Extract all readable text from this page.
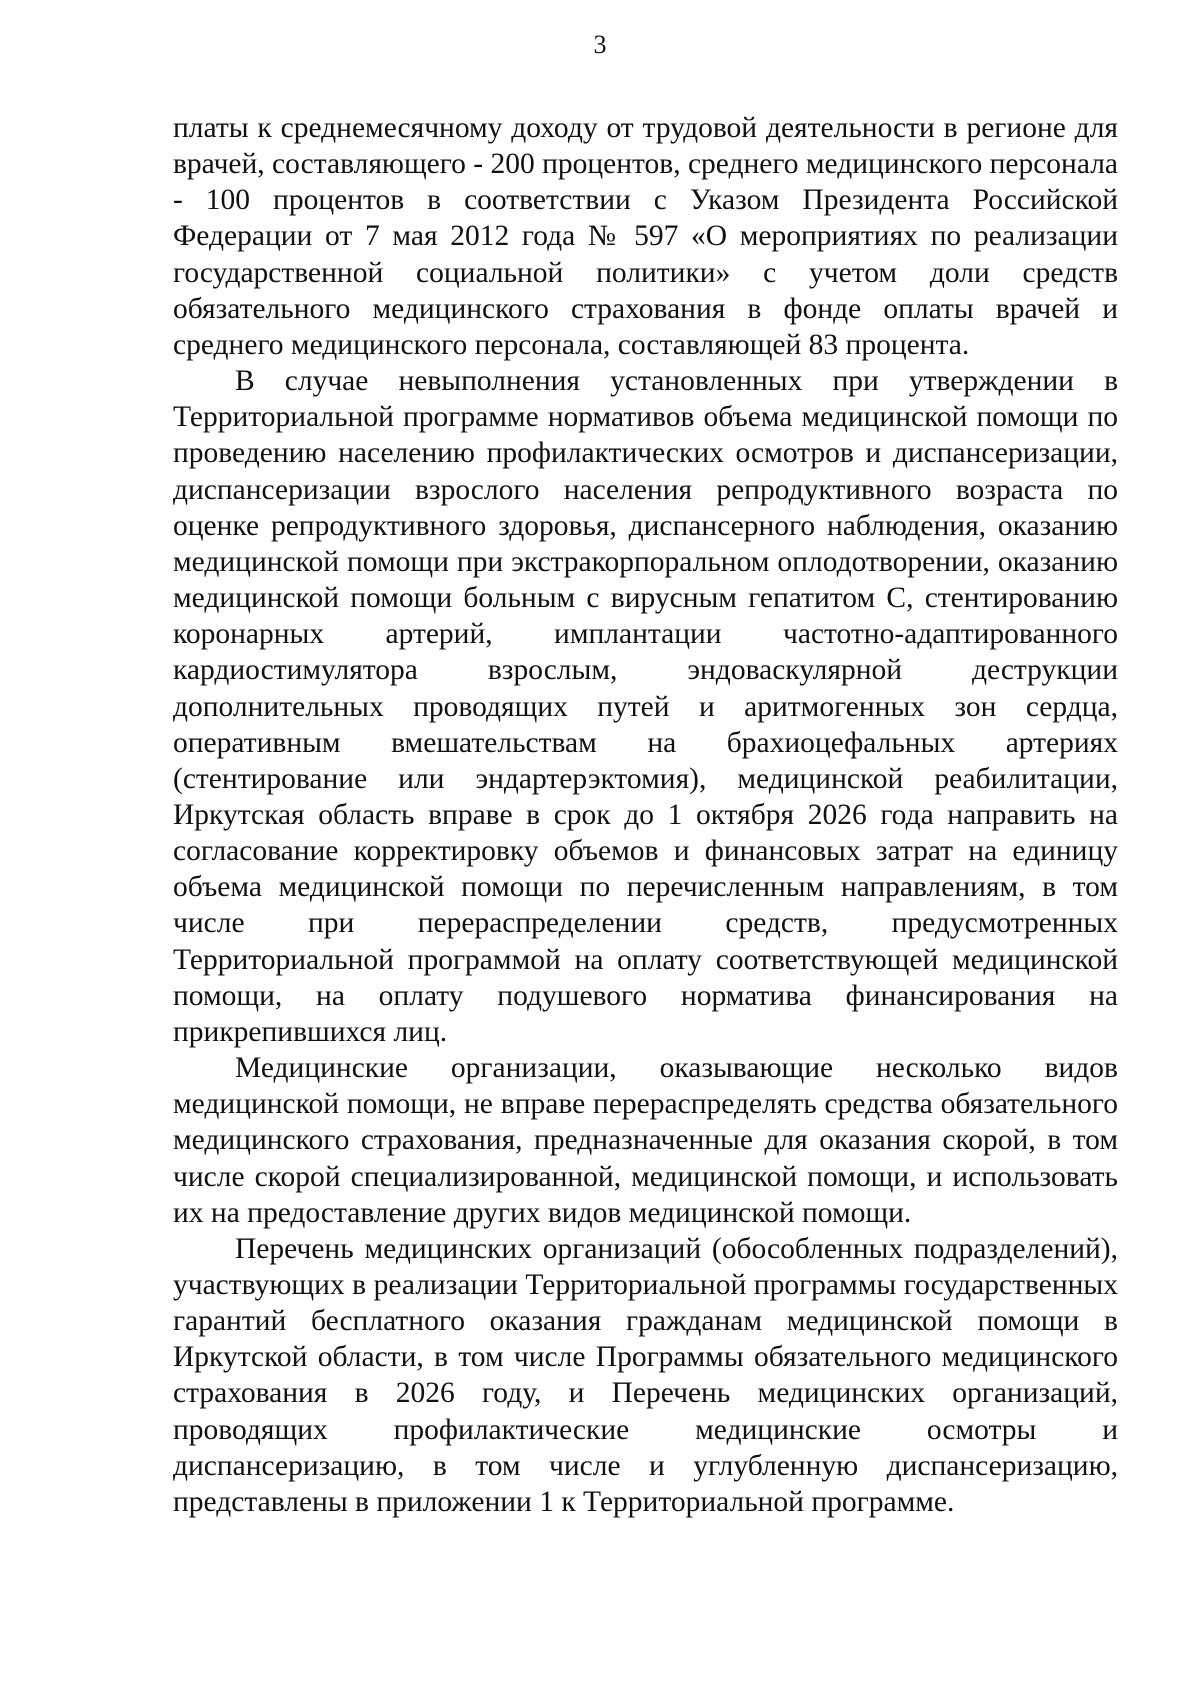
3

платы к среднемесячному доходу от трудовой деятельности в регионе для врачей, составляющего - 200 процентов, среднего медицинского персонала - 100 процентов в соответствии с Указом Президента Российской Федерации от 7 мая 2012 года № 597 «О мероприятиях по реализации государственной социальной политики» с учетом доли средств обязательного медицинского страхования в фонде оплаты врачей и среднего медицинского персонала, составляющей 83 процента.

В случае невыполнения установленных при утверждении в Территориальной программе нормативов объема медицинской помощи по проведению населению профилактических осмотров и диспансеризации, диспансеризации взрослого населения репродуктивного возраста по оценке репродуктивного здоровья, диспансерного наблюдения, оказанию медицинской помощи при экстракорпоральном оплодотворении, оказанию медицинской помощи больным с вирусным гепатитом С, стентированию коронарных артерий, имплантации частотно-адаптированного кардиостимулятора взрослым, эндоваскулярной деструкции дополнительных проводящих путей и аритмогенных зон сердца, оперативным вмешательствам на брахиоцефальных артериях (стентирование или эндартерэктомия), медицинской реабилитации, Иркутская область вправе в срок до 1 октября 2026 года направить на согласование корректировку объемов и финансовых затрат на единицу объема медицинской помощи по перечисленным направлениям, в том числе при перераспределении средств, предусмотренных Территориальной программой на оплату соответствующей медицинской помощи, на оплату подушевого норматива финансирования на прикрепившихся лиц.

Медицинские организации, оказывающие несколько видов медицинской помощи, не вправе перераспределять средства обязательного медицинского страхования, предназначенные для оказания скорой, в том числе скорой специализированной, медицинской помощи, и использовать их на предоставление других видов медицинской помощи.

Перечень медицинских организаций (обособленных подразделений), участвующих в реализации Территориальной программы государственных гарантий бесплатного оказания гражданам медицинской помощи в Иркутской области, в том числе Программы обязательного медицинского страхования в 2026 году, и Перечень медицинских организаций, проводящих профилактические медицинские осмотры и диспансеризацию, в том числе и углубленную диспансеризацию, представлены в приложении 1 к Территориальной программе.
